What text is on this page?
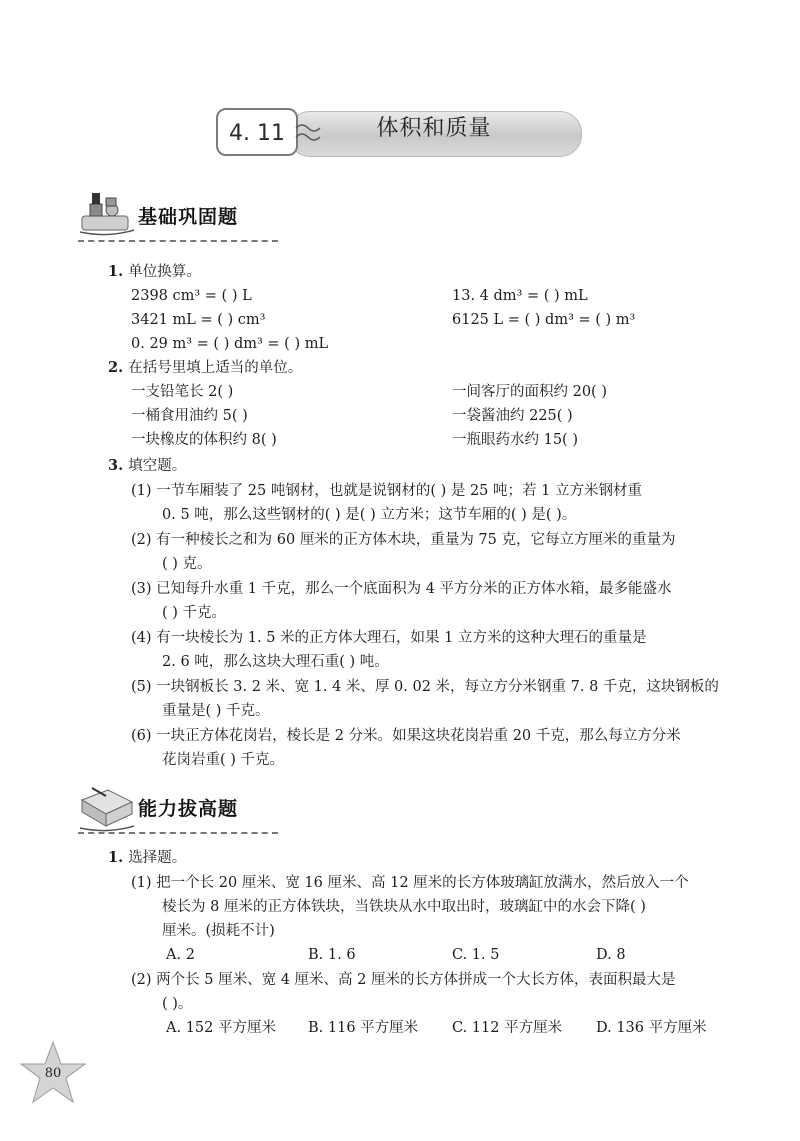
体积和质量
4. 11
基础巩固题
1. 单位换算。
2398 cm³ = ( ) L	13. 4 dm³ = ( ) mL
3421 mL = ( ) cm³	6125 L = ( ) dm³ = ( ) m³
0. 29 m³ = ( ) dm³ = ( ) mL
2. 在括号里填上适当的单位。
一支铅笔长 2( )	一间客厅的面积约 20( )
一桶食用油约 5( )	一袋酱油约 225( )
一块橡皮的体积约 8( )	一瓶眼药水约 15( )
3. 填空题。
(1) 一节车厢装了 25 吨钢材，也就是说钢材的( ) 是 25 吨；若 1 立方米钢材重
0. 5 吨，那么这些钢材的( ) 是( ) 立方米；这节车厢的( ) 是( )。
(2) 有一种棱长之和为 60 厘米的正方体木块，重量为 75 克，它每立方厘米的重量为
( ) 克。
(3) 已知每升水重 1 千克，那么一个底面积为 4 平方分米的正方体水箱，最多能盛水
( ) 千克。
(4) 有一块棱长为 1. 5 米的正方体大理石，如果 1 立方米的这种大理石的重量是
2. 6 吨，那么这块大理石重( ) 吨。
(5) 一块钢板长 3. 2 米、宽 1. 4 米、厚 0. 02 米，每立方分米钢重 7. 8 千克，这块钢板的
重量是( ) 千克。
(6) 一块正方体花岗岩，棱长是 2 分米。如果这块花岗岩重 20 千克，那么每立方分米
花岗岩重( ) 千克。
能力拔高题
1. 选择题。
(1) 把一个长 20 厘米、宽 16 厘米、高 12 厘米的长方体玻璃缸放满水，然后放入一个
棱长为 8 厘米的正方体铁块，当铁块从水中取出时，玻璃缸中的水会下降( )
厘米。(损耗不计)
A. 2	B. 1. 6	C. 1. 5	D. 8
(2) 两个长 5 厘米、宽 4 厘米、高 2 厘米的长方体拼成一个大长方体，表面积最大是
( )。
A. 152 平方厘米 B. 116 平方厘米 C. 112 平方厘米 D. 136 平方厘米
80
